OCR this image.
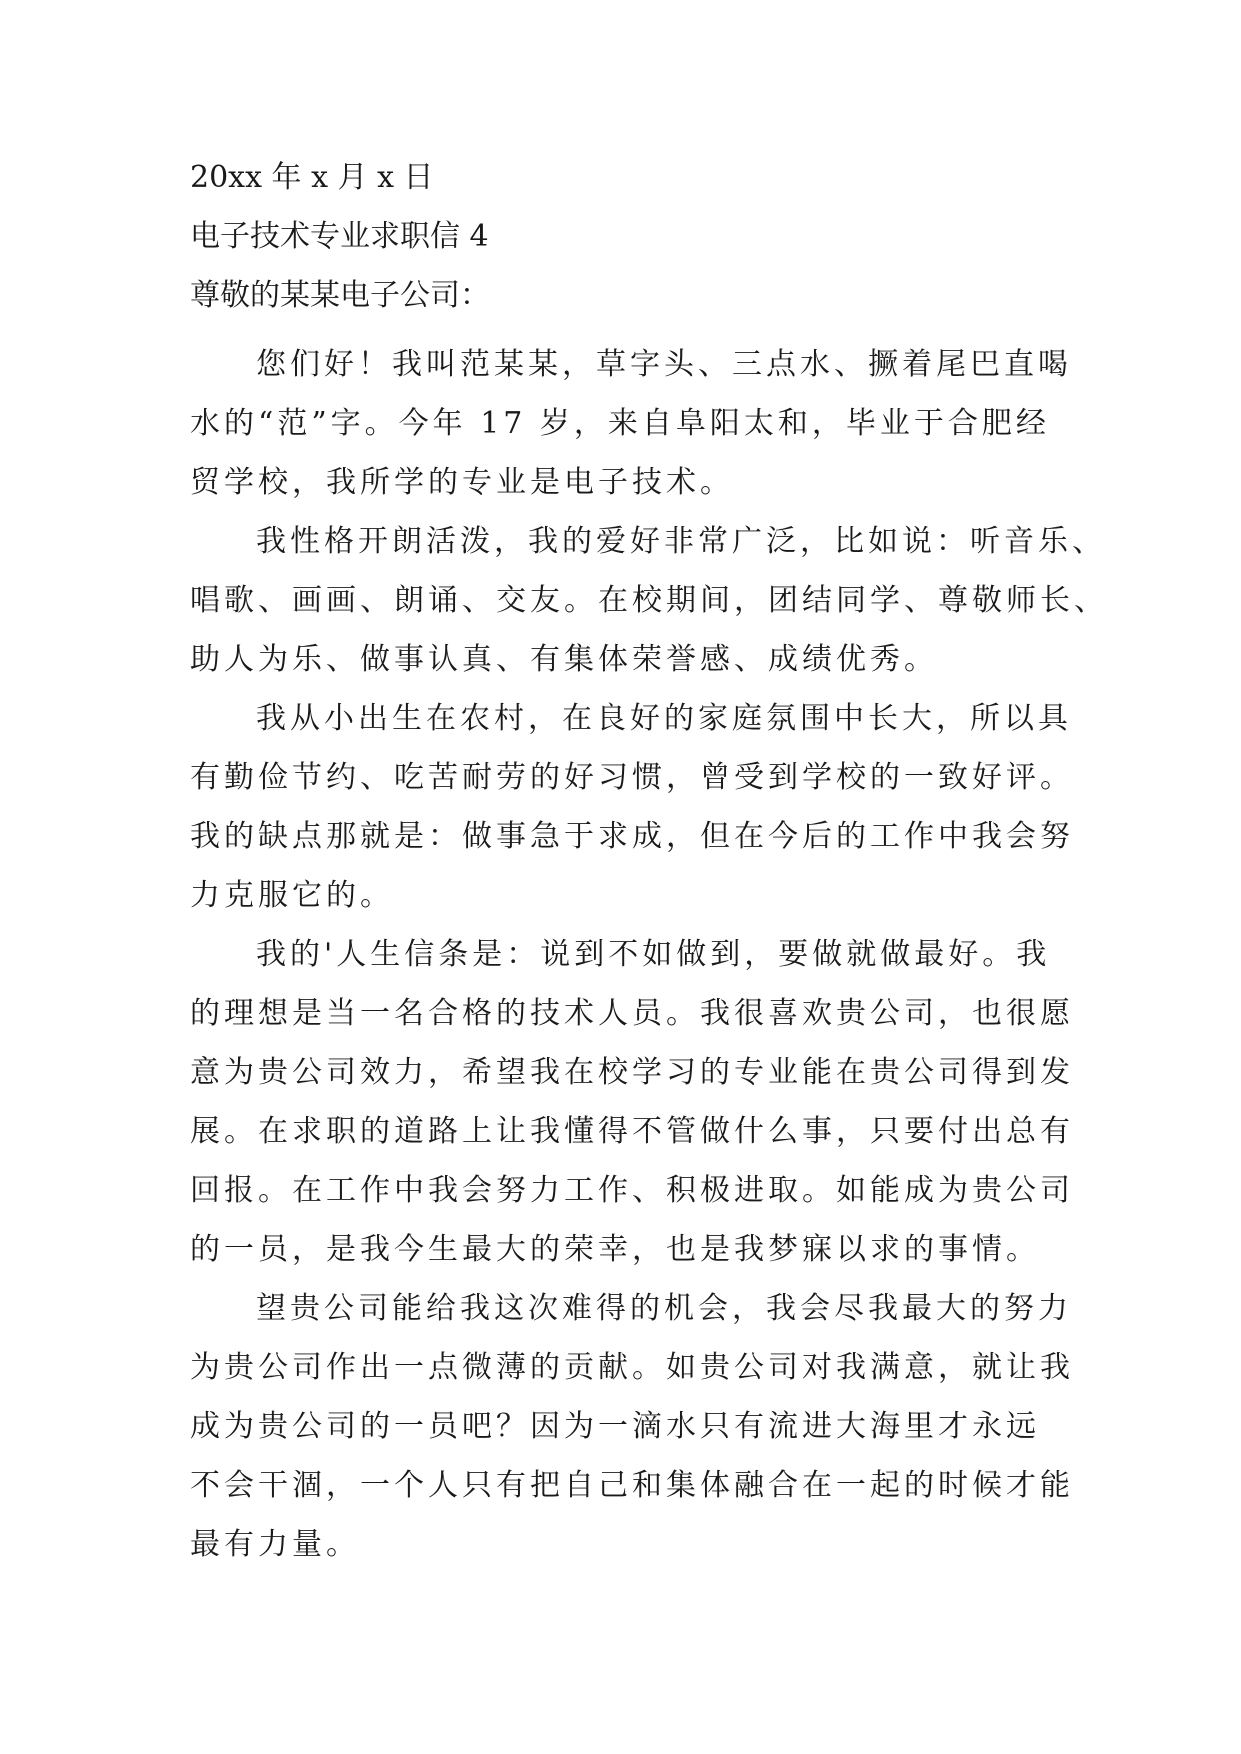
20xx 年 x 月 x 日
电子技术专业求职信 4
尊敬的某某电子公司：

您们好！我叫范某某，草字头、三点水、撅着尾巴直喝
水的“范”字。今年 17 岁，来自阜阳太和，毕业于合肥经
贸学校，我所学的专业是电子技术。

我性格开朗活泼，我的爱好非常广泛，比如说：听音乐、
唱歌、画画、朗诵、交友。在校期间，团结同学、尊敬师长、
助人为乐、做事认真、有集体荣誉感、成绩优秀。

我从小出生在农村，在良好的家庭氛围中长大，所以具
有勤俭节约、吃苦耐劳的好习惯，曾受到学校的一致好评。
我的缺点那就是：做事急于求成，但在今后的工作中我会努
力克服它的。

我的'人生信条是：说到不如做到，要做就做最好。我
的理想是当一名合格的技术人员。我很喜欢贵公司，也很愿
意为贵公司效力，希望我在校学习的专业能在贵公司得到发
展。在求职的道路上让我懂得不管做什么事，只要付出总有
回报。在工作中我会努力工作、积极进取。如能成为贵公司
的一员，是我今生最大的荣幸，也是我梦寐以求的事情。

望贵公司能给我这次难得的机会，我会尽我最大的努力
为贵公司作出一点微薄的贡献。如贵公司对我满意，就让我
成为贵公司的一员吧？因为一滴水只有流进大海里才永远
不会干涸，一个人只有把自己和集体融合在一起的时候才能
最有力量。
